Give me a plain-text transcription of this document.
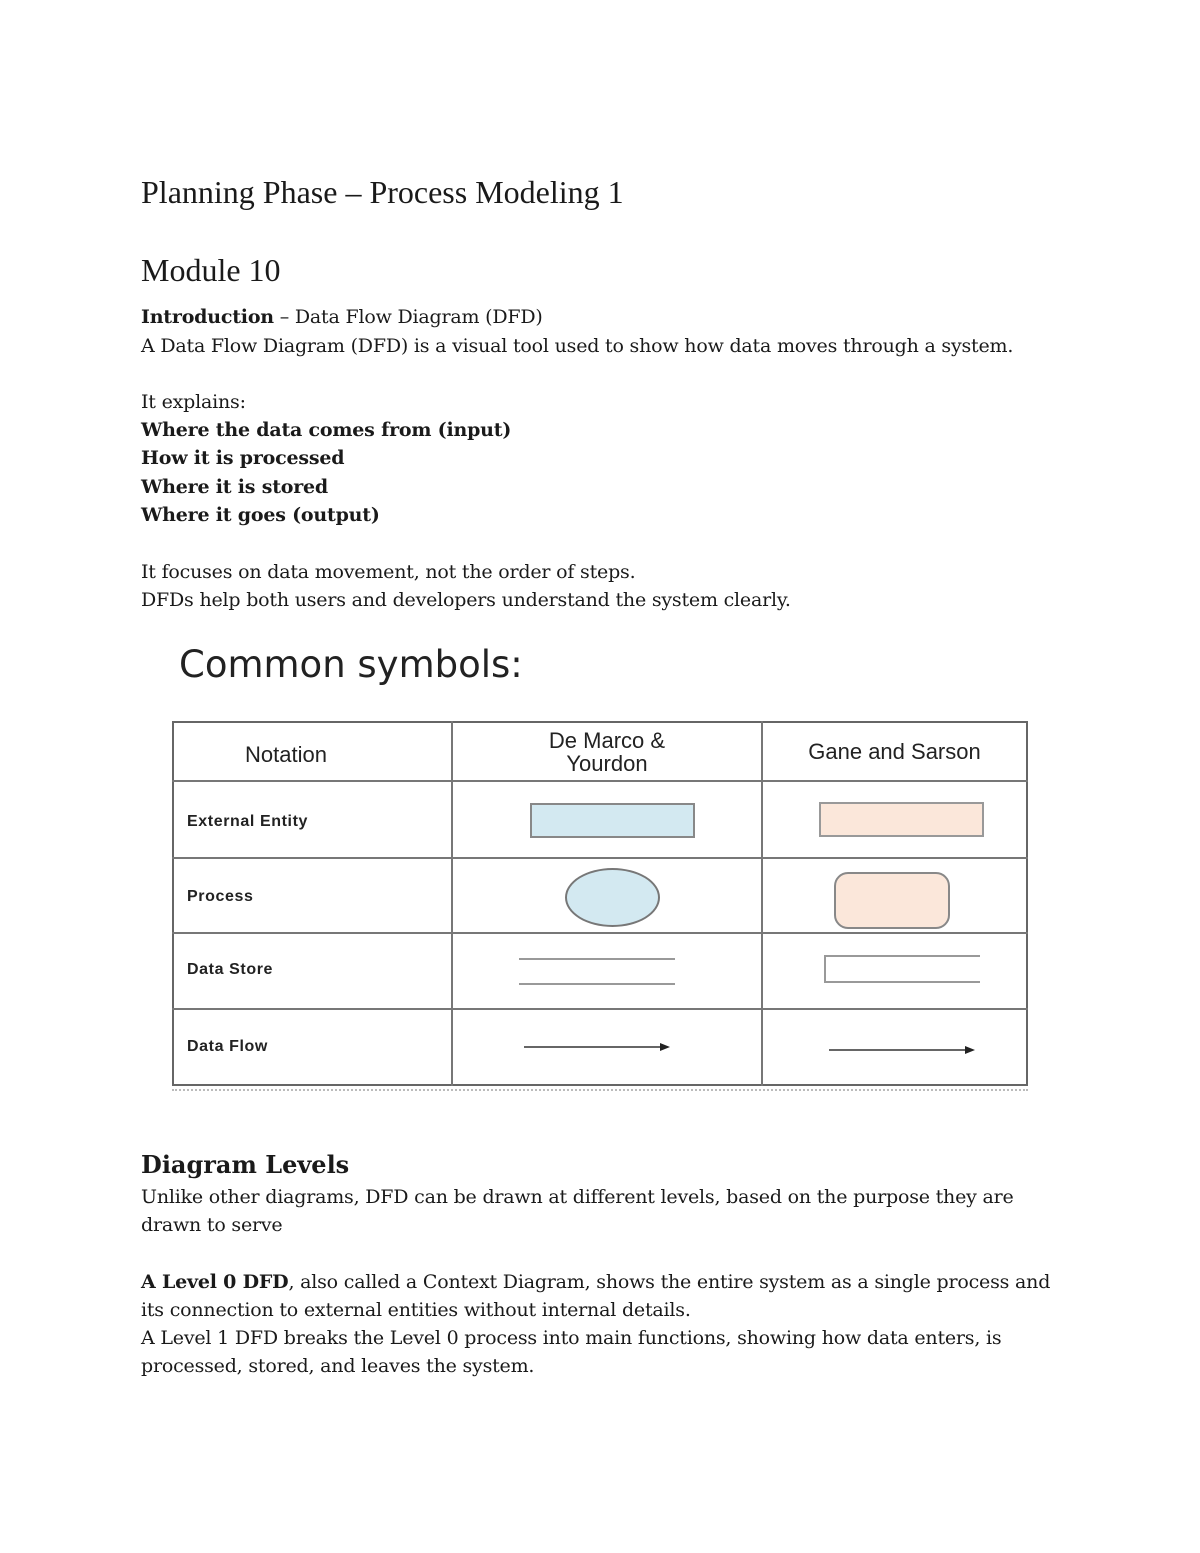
Planning Phase – Process Modeling 1
Module 10
Introduction – Data Flow Diagram (DFD)
A Data Flow Diagram (DFD) is a visual tool used to show how data moves through a system.
It explains:
Where the data comes from (input)
How it is processed
Where it is stored
Where it goes (output)
It focuses on data movement, not the order of steps.
DFDs help both users and developers understand the system clearly.
Diagram Levels
Unlike other diagrams, DFD can be drawn at different levels, based on the purpose they are
drawn to serve
A Level 0 DFD, also called a Context Diagram, shows the entire system as a single process and
its connection to external entities without internal details.
A Level 1 DFD breaks the Level 0 process into main functions, showing how data enters, is
processed, stored, and leaves the system.
Common symbols:
Notation
De Marco &
Yourdon	Gane and Sarson
External Entity
Process
Data Store
Data Flow
